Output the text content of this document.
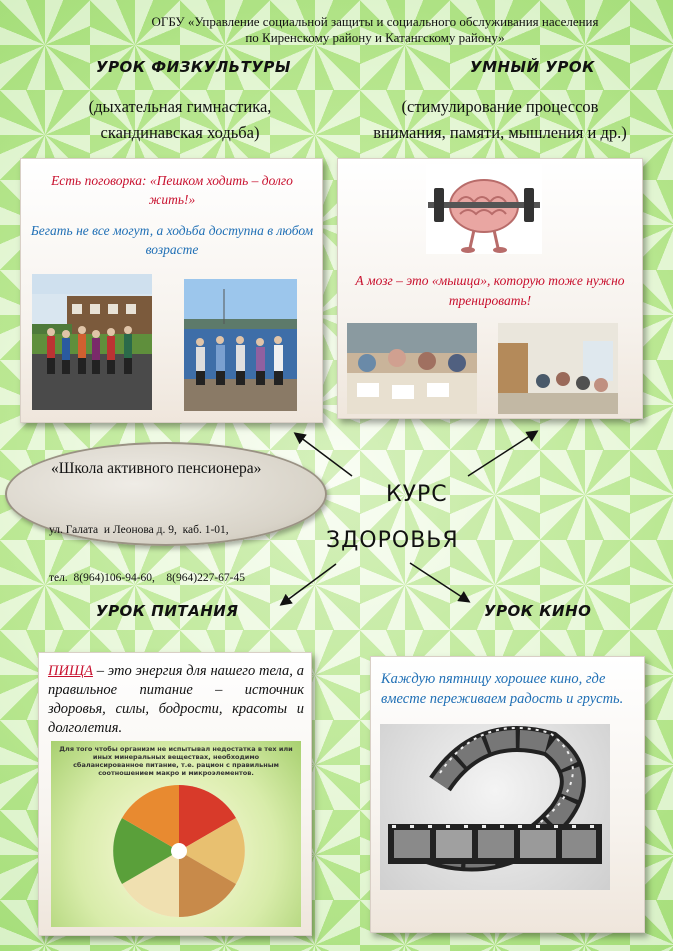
ОГБУ «Управление социальной защиты и социального обслуживания населения
по Киренскому району и Катангскому району»
УРОК ФИЗКУЛЬТУРЫ
(дыхательная гимнастика,
скандинавская ходьба)
УМНЫЙ УРОК
(стимулирование процессов
внимания, памяти, мышления и др.)
Есть поговорка: «Пешком ходить – долго жить!»
Бегать не все могут, а ходьба доступна в любом возрасте
А мозг – это «мышца», которую тоже нужно тренировать!
«Школа активного пенсионера»

ул. Галата  и Леонова д. 9,  каб. 1-01,

тел.  8(964)106-94-60,    8(964)227-67-45

КУРС
ЗДОРОВЬЯ
УРОК ПИТАНИЯ	УРОК КИНО
ПИЩА – это энергия для нашего тела, а правильное питание – источник здоровья, силы, бодрости, красоты и долголетия.
Для того чтобы организм не испытывал недостатка в тех или иных минеральных веществах, необходимо сбалансированное питание, т.е. рацион с правильным соотношением макро и микроэлементов.
Каждую пятницу хорошее кино, где вместе переживаем радость и грусть.
